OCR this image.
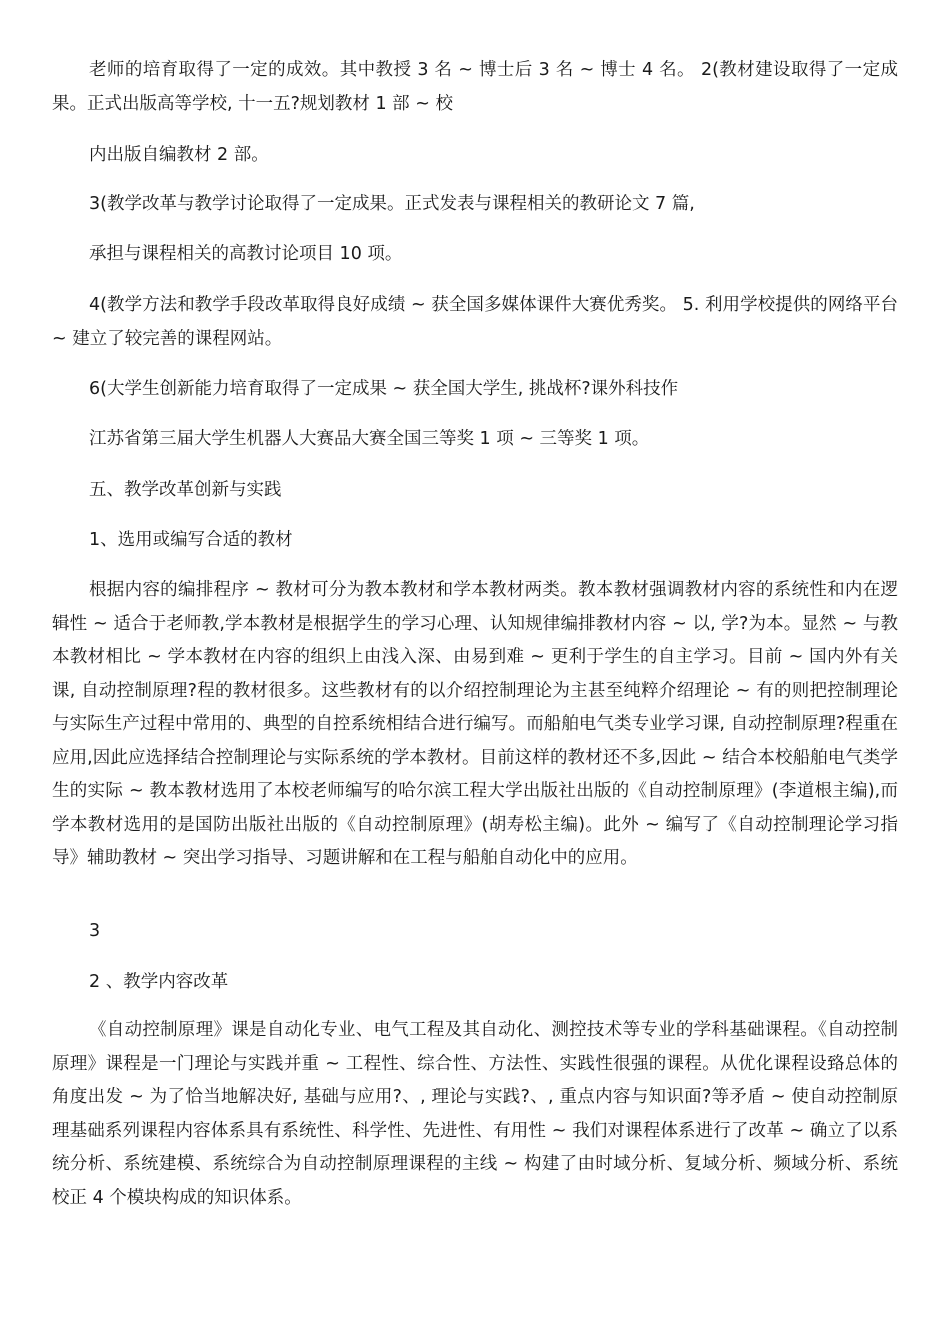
老师的培育取得了一定的成效。其中教授 3 名 ~ 博士后 3 名 ~ 博士 4 名。 2(教材建设取得了一定成果。正式出版高等学校, 十一五?规划教材 1 部 ~ 校

内出版自编教材 2 部。

3(教学改革与教学讨论取得了一定成果。正式发表与课程相关的教研论文 7 篇,

承担与课程相关的高教讨论项目 10 项。

4(教学方法和教学手段改革取得良好成绩 ~ 获全国多媒体课件大赛优秀奖。 5. 利用学校提供的网络平台 ~ 建立了较完善的课程网站。

6(大学生创新能力培育取得了一定成果 ~ 获全国大学生, 挑战杯?课外科技作

江苏省第三届大学生机器人大赛品大赛全国三等奖 1 项 ~ 三等奖 1 项。

五、教学改革创新与实践

1、选用或编写合适的教材

根据内容的编排程序 ~ 教材可分为教本教材和学本教材两类。教本教材强调教材内容的系统性和内在逻辑性 ~ 适合于老师教,学本教材是根据学生的学习心理、认知规律编排教材内容 ~ 以, 学?为本。显然 ~ 与教本教材相比 ~ 学本教材在内容的组织上由浅入深、由易到难 ~ 更利于学生的自主学习。目前 ~ 国内外有关课, 自动控制原理?程的教材很多。这些教材有的以介绍控制理论为主甚至纯粹介绍理论 ~ 有的则把控制理论与实际生产过程中常用的、典型的自控系统相结合进行编写。而船舶电气类专业学习课, 自动控制原理?程重在应用,因此应选择结合控制理论与实际系统的学本教材。目前这样的教材还不多,因此 ~ 结合本校船舶电气类学生的实际 ~ 教本教材选用了本校老师编写的哈尔滨工程大学出版社出版的《自动控制原理》(李道根主编),而学本教材选用的是国防出版社出版的《自动控制原理》(胡寿松主编)。此外 ~ 编写了《自动控制理论学习指导》辅助教材 ~ 突出学习指导、习题讲解和在工程与船舶自动化中的应用。

3

2 、教学内容改革

《自动控制原理》课是自动化专业、电气工程及其自动化、测控技术等专业的学科基础课程。《自动控制原理》课程是一门理论与实践并重 ~ 工程性、综合性、方法性、实践性很强的课程。从优化课程设臵总体的角度出发 ~ 为了恰当地解决好, 基础与应用?、, 理论与实践?、, 重点内容与知识面?等矛盾 ~ 使自动控制原理基础系列课程内容体系具有系统性、科学性、先进性、有用性 ~ 我们对课程体系进行了改革 ~ 确立了以系统分析、系统建模、系统综合为自动控制原理课程的主线 ~ 构建了由时域分析、复域分析、频域分析、系统校正 4 个模块构成的知识体系。
